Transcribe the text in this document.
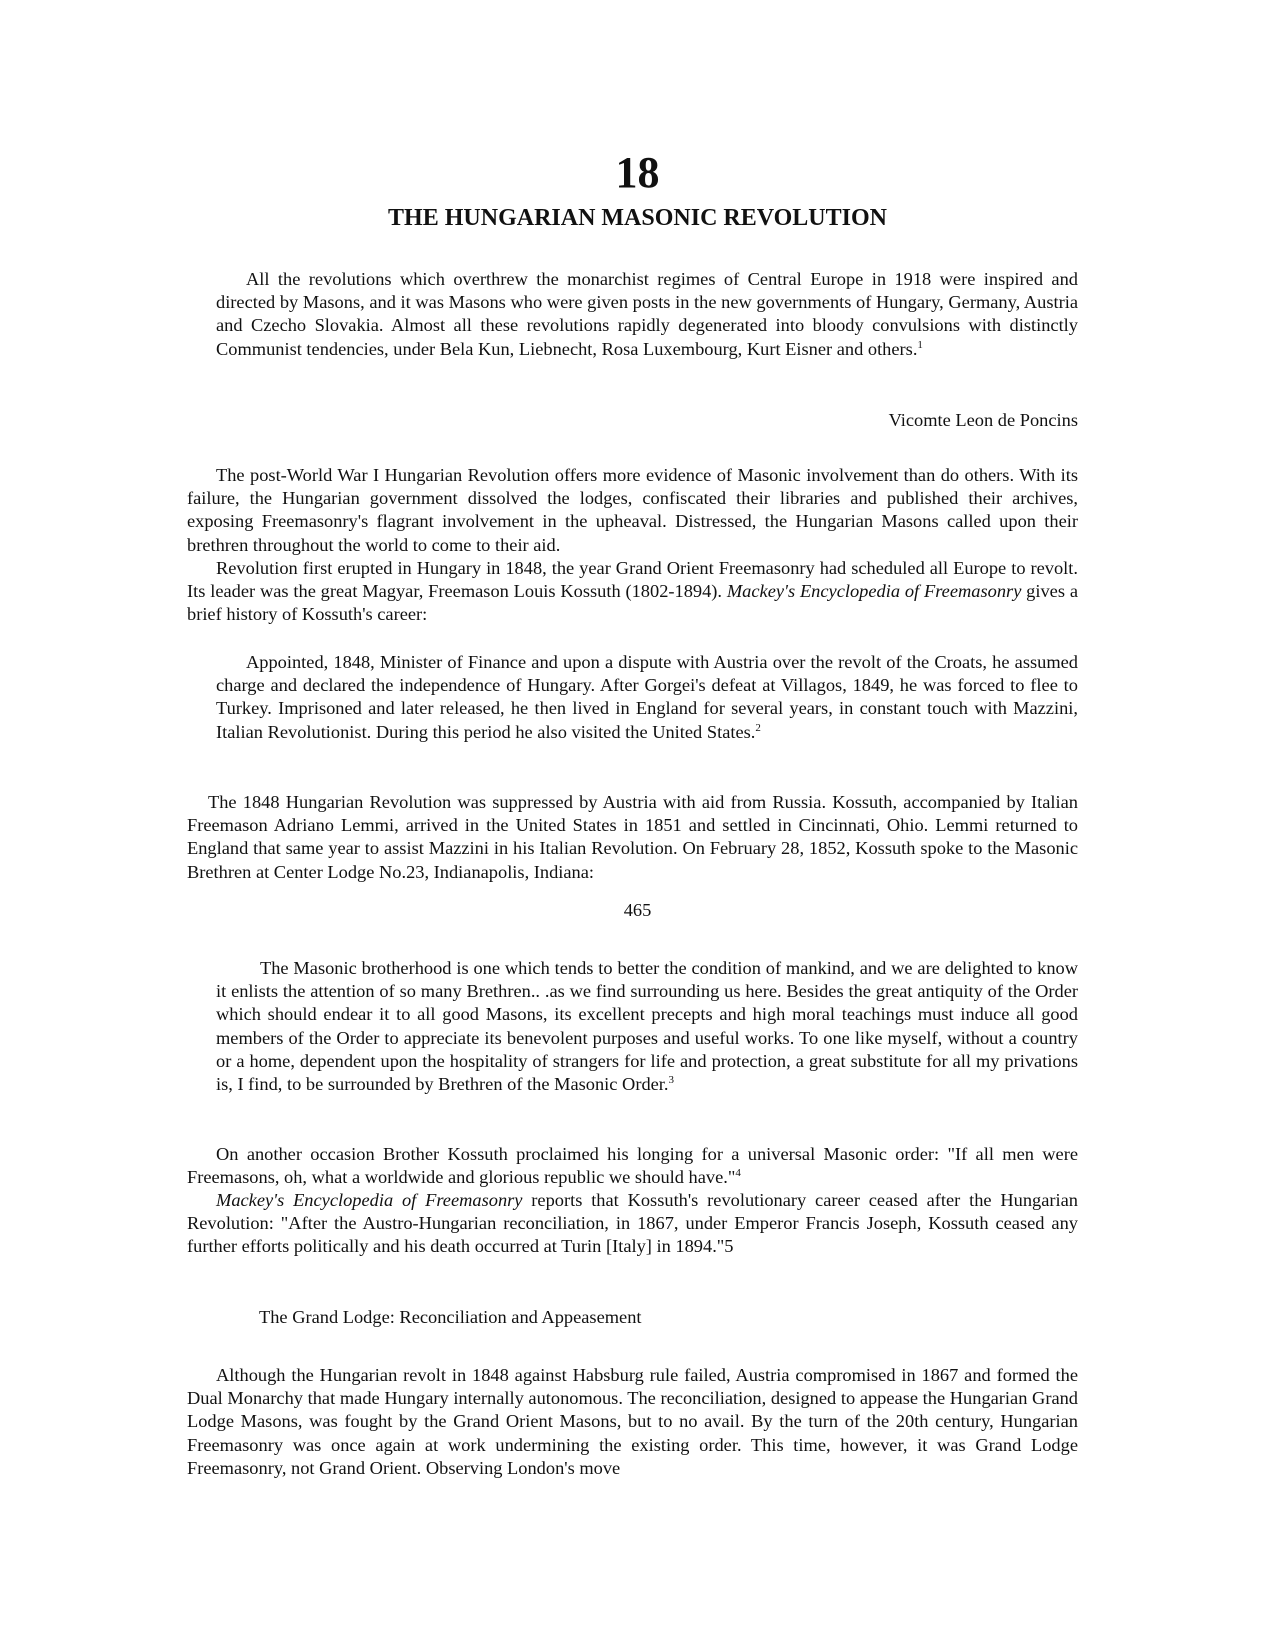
18
THE HUNGARIAN MASONIC REVOLUTION

All the revolutions which overthrew the monarchist regimes of Central Europe in 1918 were inspired and directed by Masons, and it was Masons who were given posts in the new governments of Hungary, Germany, Austria and Czecho Slovakia. Almost all these revolutions rapidly degenerated into bloody convulsions with distinctly Communist tendencies, under Bela Kun, Liebnecht, Rosa Luxembourg, Kurt Eisner and others.$^1$

Vicomte Leon de Poncins

The post-World War I Hungarian Revolution offers more evidence of Masonic involvement than do others. With its failure, the Hungarian government dissolved the lodges, confiscated their libraries and published their archives, exposing Freemasonry's flagrant involvement in the upheaval. Distressed, the Hungarian Masons called upon their brethren throughout the world to come to their aid.

Revolution first erupted in Hungary in 1848, the year Grand Orient Freemasonry had scheduled all Europe to revolt. Its leader was the great Magyar, Freemason Louis Kossuth (1802-1894). Mackey's Encyclopedia of Freemasonry gives a brief history of Kossuth's career:

Appointed, 1848, Minister of Finance and upon a dispute with Austria over the revolt of the Croats, he assumed charge and declared the independence of Hungary. After Gorgei's defeat at Villagos, 1849, he was forced to flee to Turkey. Imprisoned and later released, he then lived in England for several years, in constant touch with Mazzini, Italian Revolutionist. During this period he also visited the United States.$^2$

The 1848 Hungarian Revolution was suppressed by Austria with aid from Russia. Kossuth, accompanied by Italian Freemason Adriano Lemmi, arrived in the United States in 1851 and settled in Cincinnati, Ohio. Lemmi returned to England that same year to assist Mazzini in his Italian Revolution. On February 28, 1852, Kossuth spoke to the Masonic Brethren at Center Lodge No.23, Indianapolis, Indiana:

465

The Masonic brotherhood is one which tends to better the condition of mankind, and we are delighted to know it enlists the attention of so many Brethren.. .as we find surrounding us here. Besides the great antiquity of the Order which should endear it to all good Masons, its excellent precepts and high moral teachings must induce all good members of the Order to appreciate its benevolent purposes and useful works. To one like myself, without a country or a home, dependent upon the hospitality of strangers for life and protection, a great substitute for all my privations is, I find, to be surrounded by Brethren of the Masonic Order.$^3$

On another occasion Brother Kossuth proclaimed his longing for a universal Masonic order: "If all men were Freemasons, oh, what a worldwide and glorious republic we should have."$^4$

Mackey's Encyclopedia of Freemasonry reports that Kossuth's revolutionary career ceased after the Hungarian Revolution: "After the Austro-Hungarian reconciliation, in 1867, under Emperor Francis Joseph, Kossuth ceased any further efforts politically and his death occurred at Turin [Italy] in 1894."5

The Grand Lodge: Reconciliation and Appeasement

Although the Hungarian revolt in 1848 against Habsburg rule failed, Austria compromised in 1867 and formed the Dual Monarchy that made Hungary internally autonomous. The reconciliation, designed to appease the Hungarian Grand Lodge Masons, was fought by the Grand Orient Masons, but to no avail. By the turn of the 20th century, Hungarian Freemasonry was once again at work undermining the existing order. This time, however, it was Grand Lodge Freemasonry, not Grand Orient. Observing London's move
